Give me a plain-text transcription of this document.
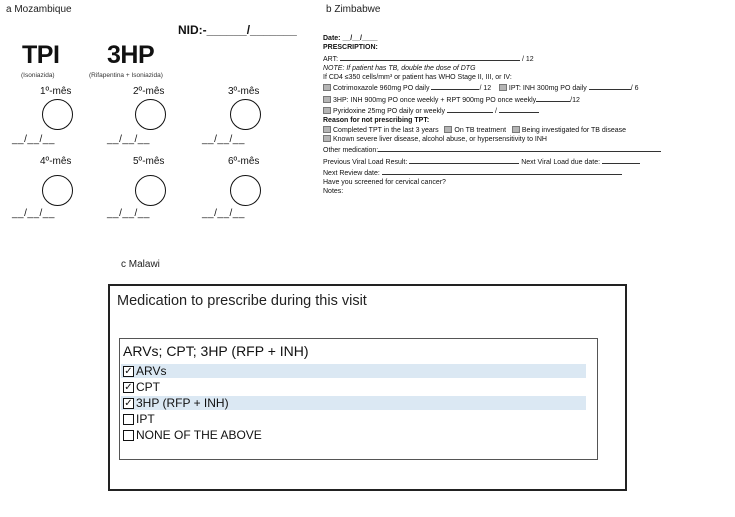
a Mozambique	b Zimbabwe
c Malawi
NID:-______/_______
TPI
(Isoniazida)
3HP
(Rifapentina + Isoniazida)
1º-mês
__/__/__
2º-mês
__/__/__
3º-mês
__/__/__
4º-mês
__/__/__
5º-mês
__/__/__
6º-mês
__/__/__
Date: __/__/____
PRESCRIPTION:
ART:	/ 12
NOTE: If patient has TB, double the dose of DTG
If CD4 ≤350 cells/mm³ or patient has WHO Stage II, III, or IV:
Cotrimoxazole 960mg PO daily	/ 12	IPT: INH 300mg PO daily	/ 6
3HP: INH 900mg PO once weekly + RPT 900mg PO once weekly	/12
Pyridoxine 25mg PO daily or weekly	/
Reason for not prescribing TPT:
Completed TPT in the last 3 years On TB treatment Being investigated for TB disease
Known severe liver disease, alcohol abuse, or hypersensitivity to INH
Other medication:
Previous Viral Load Result:	Next Viral Load due date:
Next Review date:
Have you screened for cervical cancer?
Notes:
Medication to prescribe during this visit
ARVs; CPT; 3HP (RFP + INH)
✓ ARVs
✓ CPT
✓ 3HP (RFP + INH)
IPT
NONE OF THE ABOVE
